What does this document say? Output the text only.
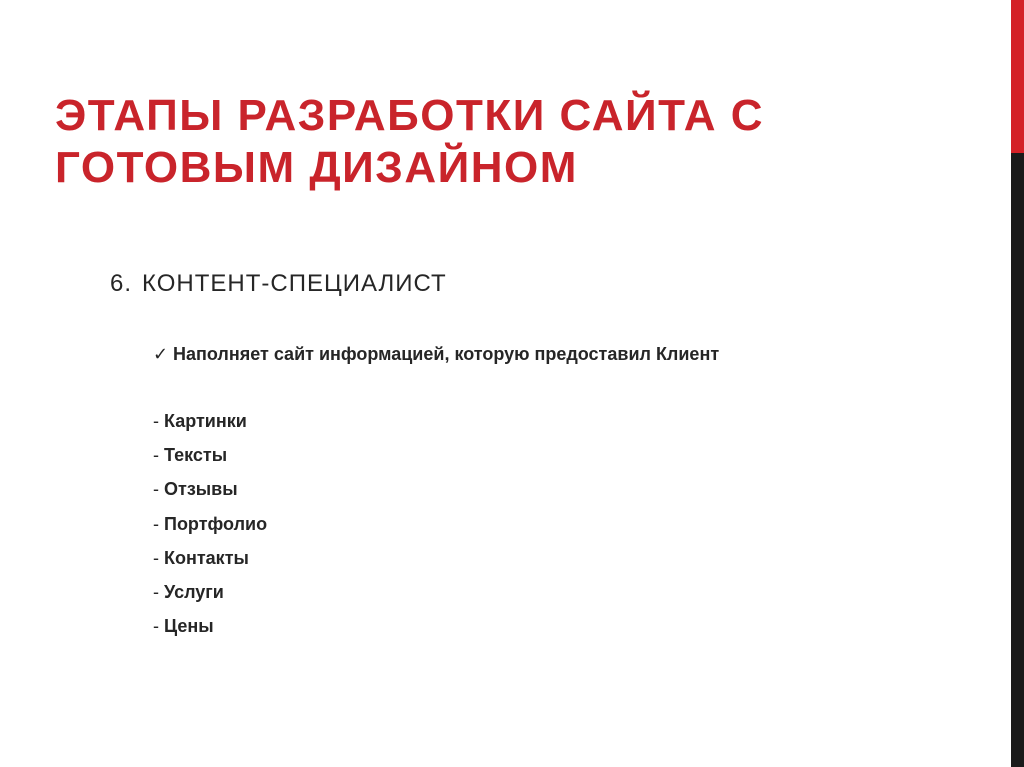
ЭТАПЫ РАЗРАБОТКИ САЙТА С
ГОТОВЫМ ДИЗАЙНОМ
6. КОНТЕНТ-СПЕЦИАЛИСТ
✓ Наполняет сайт информацией, которую предоставил Клиент
- Картинки
- Тексты
- Отзывы
- Портфолио
- Контакты
- Услуги
- Цены
